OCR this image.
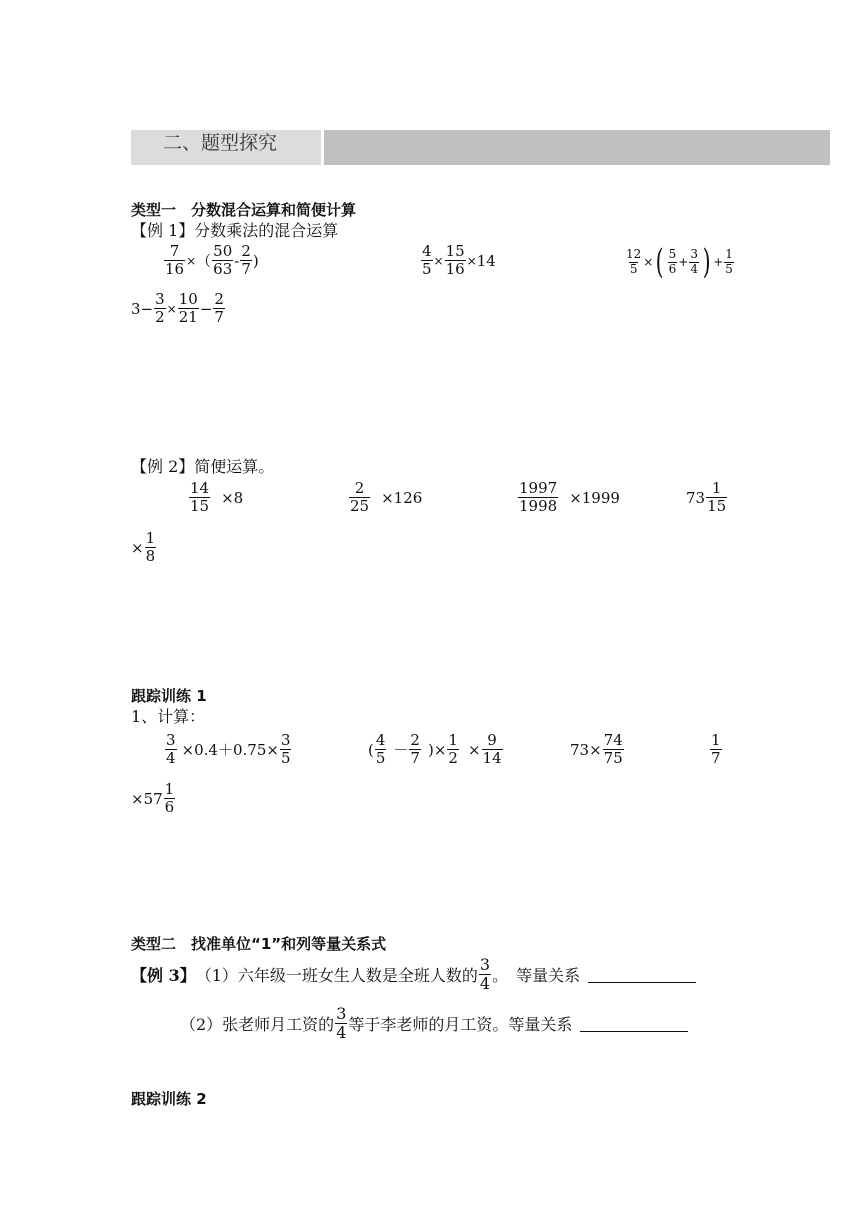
二、题型探究
类型一　分数混合运算和简便计算
【例 1】分数乘法的混合运算
$\frac{7}{16}$ × （ $\frac{50}{63} - \frac{2}{7}$ )	$\frac{4}{5} \times \frac{15}{16} \times 14$	$\frac{12}{5}$ × ( $\frac{5}{6} + \frac{3}{4}$ ) + $\frac{1}{5}$
$3 - \frac{3}{2} \times \frac{10}{21} - \frac{2}{7}$
【例 2】简便运算。
$\frac{14}{15} \times 8$	$\frac{2}{25} \times 126$	$\frac{1997}{1998} \times 1999$	$73 \frac{1}{15}$
× $\frac{1}{8}$
跟踪训练 1
1、计算：
$\frac{3}{4} \times 0.4+0.75\times \frac{3}{5}$	( $\frac{4}{5} - \frac{2}{7}$ ) × $\frac{1}{2} \times \frac{9}{14}$	$73 \times \frac{74}{75}$	$\frac{1}{7}$
× $57 \frac{1}{6}$
类型二　找准单位“1”和列等量关系式
【例 3】 （1）六年级一班女生人数是全班人数的 $\frac{3}{4}$ 。　等量关系
（2）张老师月工资的 $\frac{3}{4}$ 等于李老师的月工资。等量关系
跟踪训练 2
